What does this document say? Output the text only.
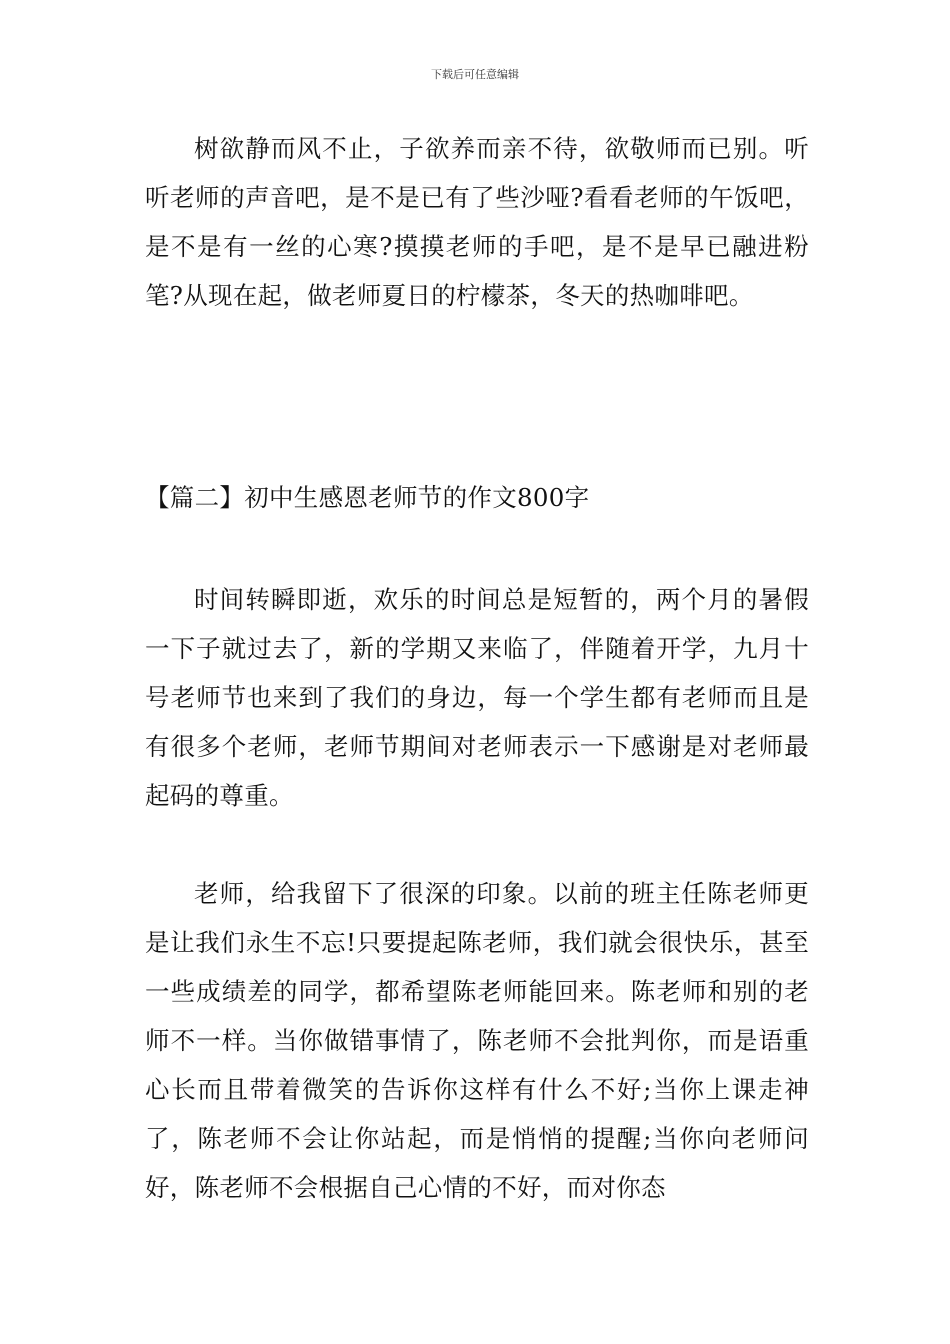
下载后可任意编辑

树欲静而风不止，子欲养而亲不待，欲敬师而已别。听听老师的声音吧，是不是已有了些沙哑?看看老师的午饭吧，是不是有一丝的心寒?摸摸老师的手吧，是不是早已融进粉笔?从现在起，做老师夏日的柠檬茶，冬天的热咖啡吧。

【篇二】初中生感恩老师节的作文800字

时间转瞬即逝，欢乐的时间总是短暂的，两个月的暑假一下子就过去了，新的学期又来临了，伴随着开学，九月十号老师节也来到了我们的身边，每一个学生都有老师而且是有很多个老师，老师节期间对老师表示一下感谢是对老师最起码的尊重。

老师，给我留下了很深的印象。以前的班主任陈老师更是让我们永生不忘!只要提起陈老师，我们就会很快乐，甚至一些成绩差的同学，都希望陈老师能回来。陈老师和别的老师不一样。当你做错事情了，陈老师不会批判你，而是语重心长而且带着微笑的告诉你这样有什么不好;当你上课走神了，陈老师不会让你站起，而是悄悄的提醒;当你向老师问好，陈老师不会根据自己心情的不好，而对你态
